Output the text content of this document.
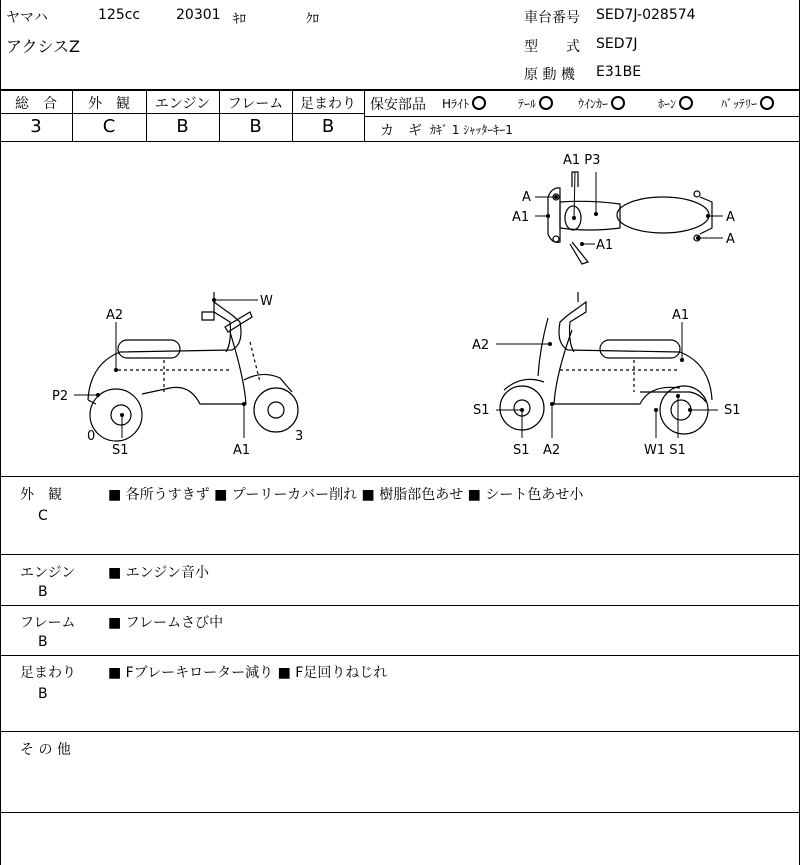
ヤマハ	125cc	20301 ｷﾛ	ｸﾛ
アクシスZ
車台番号 SED7J-028574
型　　式 SED7J
原 動 機 E31BE
総　合	外　観	エンジン	フレーム	足まわり
3	C	B	B	B
保安部品 Hﾗｲﾄ	ﾃｰﾙ	ｳｲﾝｶｰ	ﾎｰﾝ	ﾊﾞｯﾃﾘｰ
カ　ギ ｶｷﾞ 1 ｼｬｯﾀｰｷｰ1
A1 P3
A
A1
A1
A
A
W
A2
P2
0
S1	A1
3
A1
A2
S1
S1 A2	W1 S1
S1
外　観
C
■ 各所うすきず ■ プーリーカバー削れ ■ 樹脂部色あせ ■ シート色あせ小
エンジン
B
■ エンジン音小
フレーム
B
■ フレームさび中
足まわり
B
■ Fブレーキローター減り ■ F足回りねじれ
そ の 他
